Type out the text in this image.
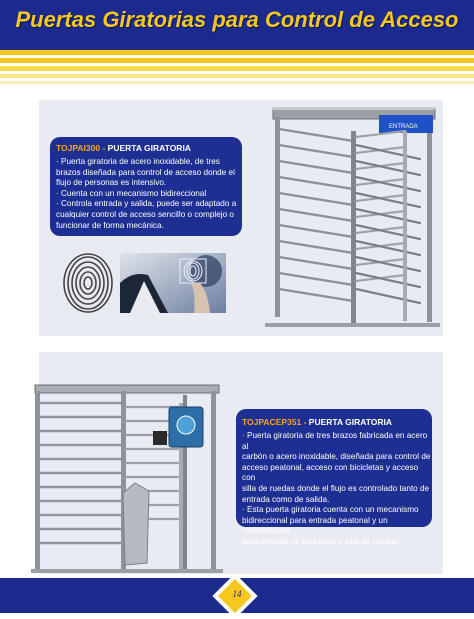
Puertas Giratorias para Control de Acceso
ENTRADA
TOJPAI300 - PUERTA GIRATORIA
· Puerta giratoria de acero inoxidable, de tres
brazos diseñada para control de acceso donde el
flujo de personas es intensivo.
· Cuenta con un mecanismo bidireccional
· Controla entrada y salida, puede ser adaptado a
cualquier control de acceso sencillo o complejo o
funcionar de forma mecánica.
TOJPACEP351 - PUERTA GIRATORIA
· Puerta giratoria de tres brazos fabricada en acero al
carbón o acero inoxidable, diseñada para control de
acceso peatonal, acceso con bicicletas y acceso con
silla de ruedas donde el flujo es controlado tanto de
entrada como de salida.
· Esta puerta giratoria cuenta con un mecanismo
bidireccional para entrada peatonal y un motoreductor
para entrada de bicicletas o silla de ruedas.
14
